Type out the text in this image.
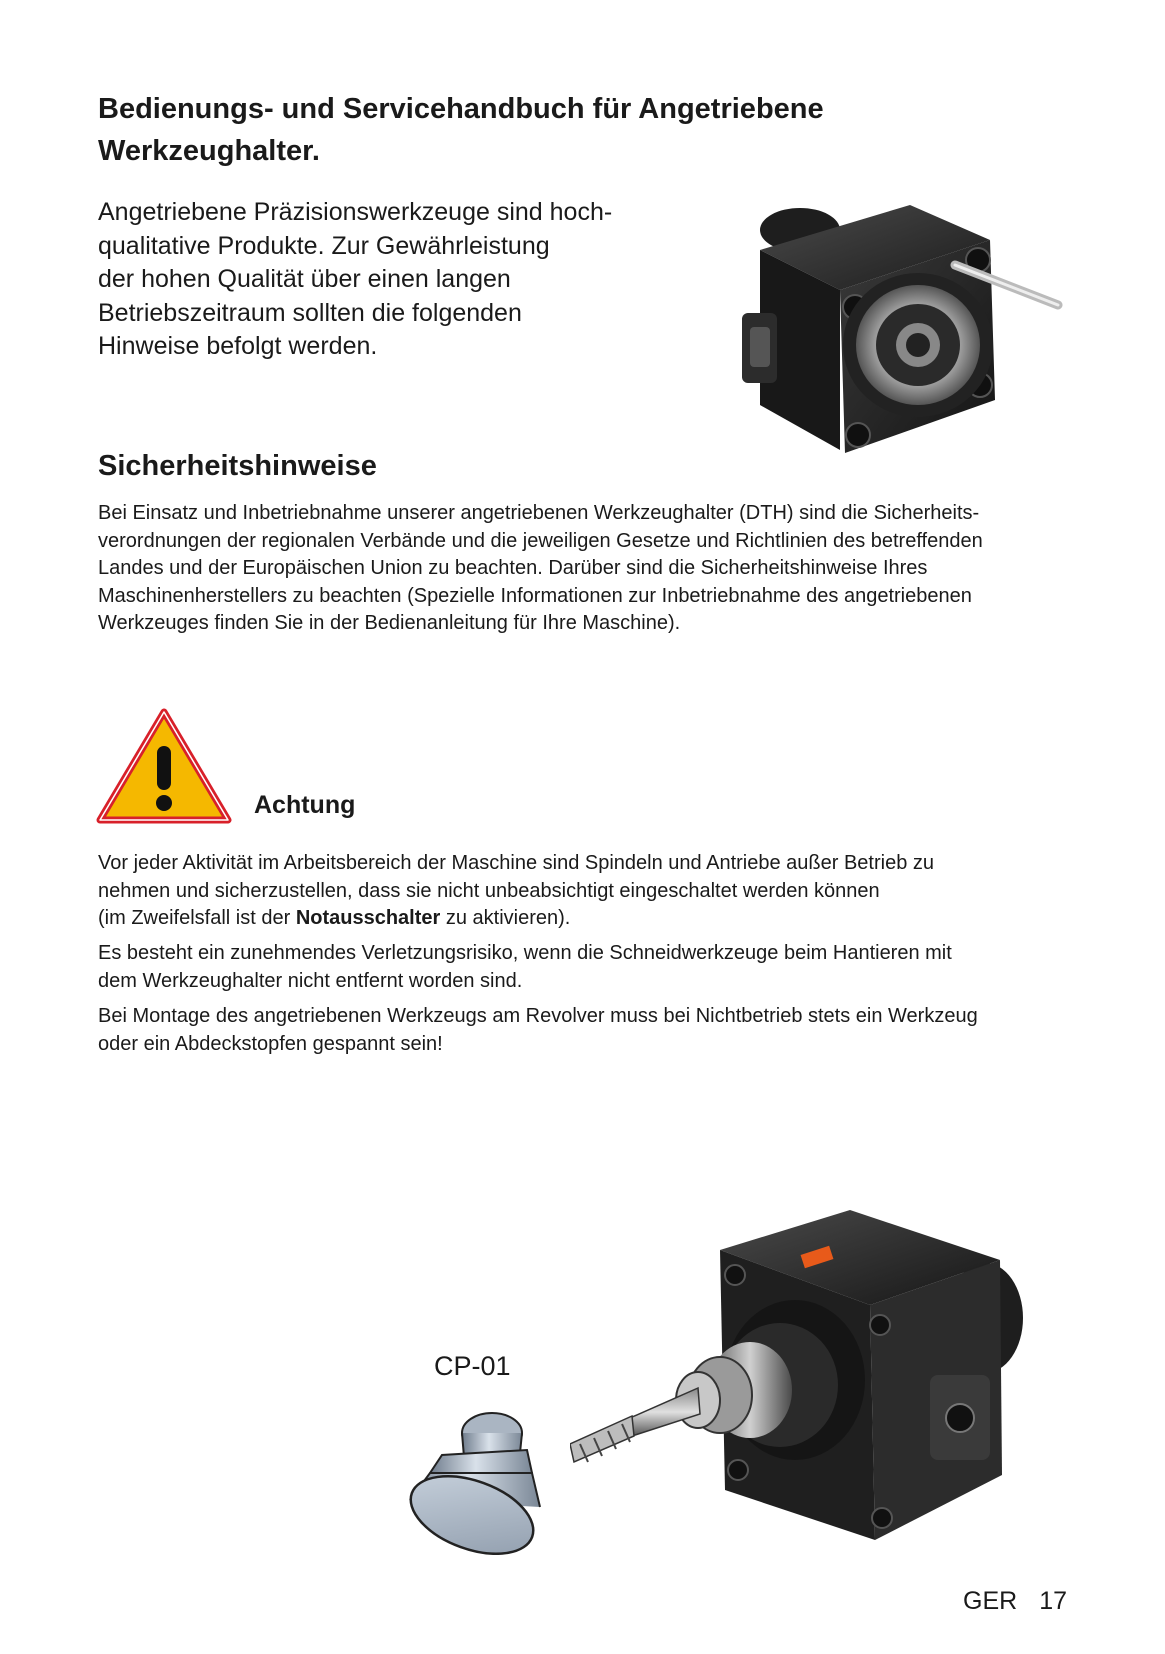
Bedienungs- und Servicehandbuch für Angetriebene
Werkzeughalter.
Angetriebene Präzisionswerkzeuge sind hoch-
qualitative Produkte. Zur Gewährleistung
der hohen Qualität über einen langen
Betriebszeitraum sollten die folgenden
Hinweise befolgt werden.
Sicherheitshinweise
Bei Einsatz und Inbetriebnahme unserer angetriebenen Werkzeughalter (DTH) sind die Sicherheits-
verordnungen der regionalen Verbände und die jeweiligen Gesetze und Richtlinien des betreffenden
Landes und der Europäischen Union zu beachten. Darüber sind die Sicherheitshinweise Ihres
Maschinenherstellers zu beachten (Spezielle Informationen zur Inbetriebnahme des angetriebenen
Werkzeuges finden Sie in der Bedienanleitung für Ihre Maschine).
Achtung
Vor jeder Aktivität im Arbeitsbereich der Maschine sind Spindeln und Antriebe außer Betrieb zu
nehmen und sicherzustellen, dass sie nicht unbeabsichtigt eingeschaltet werden können
(im Zweifelsfall ist der Notausschalter zu aktivieren).
Es besteht ein zunehmendes Verletzungsrisiko, wenn die Schneidwerkzeuge beim Hantieren mit
dem Werkzeughalter nicht entfernt worden sind.
Bei Montage des angetriebenen Werkzeugs am Revolver muss bei Nichtbetrieb stets ein Werkzeug
oder ein Abdeckstopfen gespannt sein!
CP-01
GER 17
